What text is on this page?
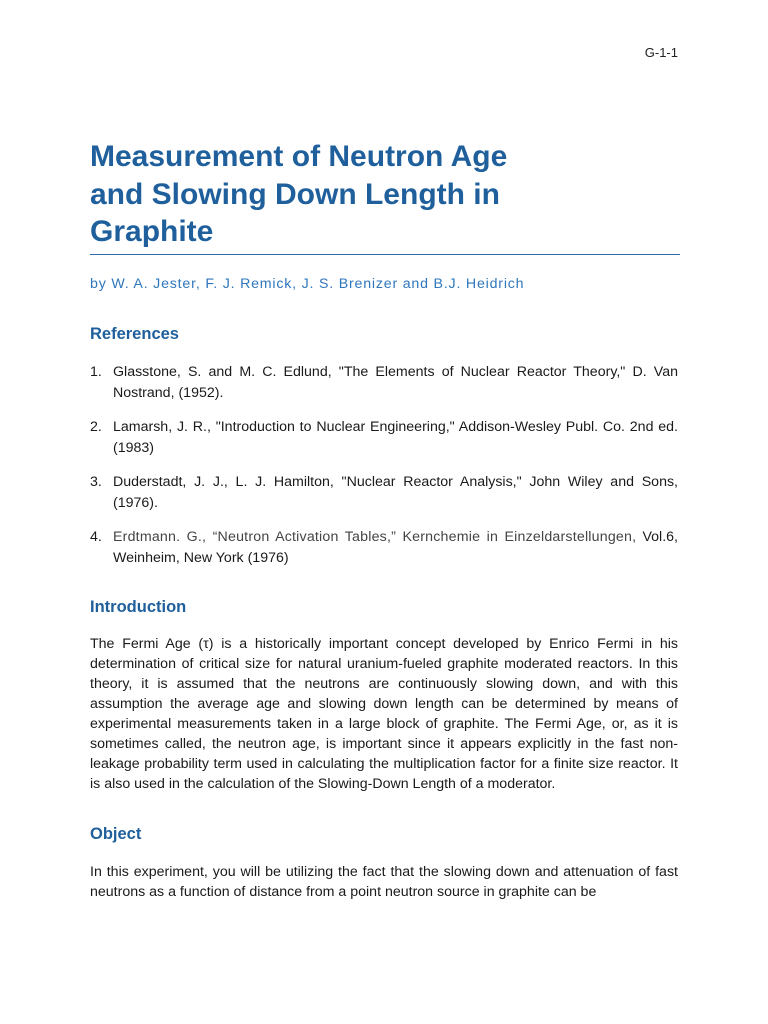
G-1-1
Measurement of Neutron Age
and Slowing Down Length in
Graphite
by W. A. Jester, F. J. Remick, J. S. Brenizer and B.J. Heidrich
References
1. Glasstone, S. and M. C. Edlund, "The Elements of Nuclear Reactor Theory," D. Van Nostrand, (1952).
2. Lamarsh, J. R., "Introduction to Nuclear Engineering," Addison-Wesley Publ. Co. 2nd ed. (1983)
3. Duderstadt, J. J., L. J. Hamilton, "Nuclear Reactor Analysis," John Wiley and Sons, (1976).
4. Erdtmann. G., “Neutron Activation Tables,” Kernchemie in Einzeldarstellungen, Vol.6, Weinheim, New York (1976)
Introduction

The Fermi Age (τ) is a historically important concept developed by Enrico Fermi in his determination of critical size for natural uranium-fueled graphite moderated reactors. In this theory, it is assumed that the neutrons are continuously slowing down, and with this assumption the average age and slowing down length can be determined by means of experimental measurements taken in a large block of graphite. The Fermi Age, or, as it is sometimes called, the neutron age, is important since it appears explicitly in the fast non-leakage probability term used in calculating the multiplication factor for a finite size reactor. It is also used in the calculation of the Slowing-Down Length of a moderator.

Object

In this experiment, you will be utilizing the fact that the slowing down and attenuation of fast neutrons as a function of distance from a point neutron source in graphite can be
